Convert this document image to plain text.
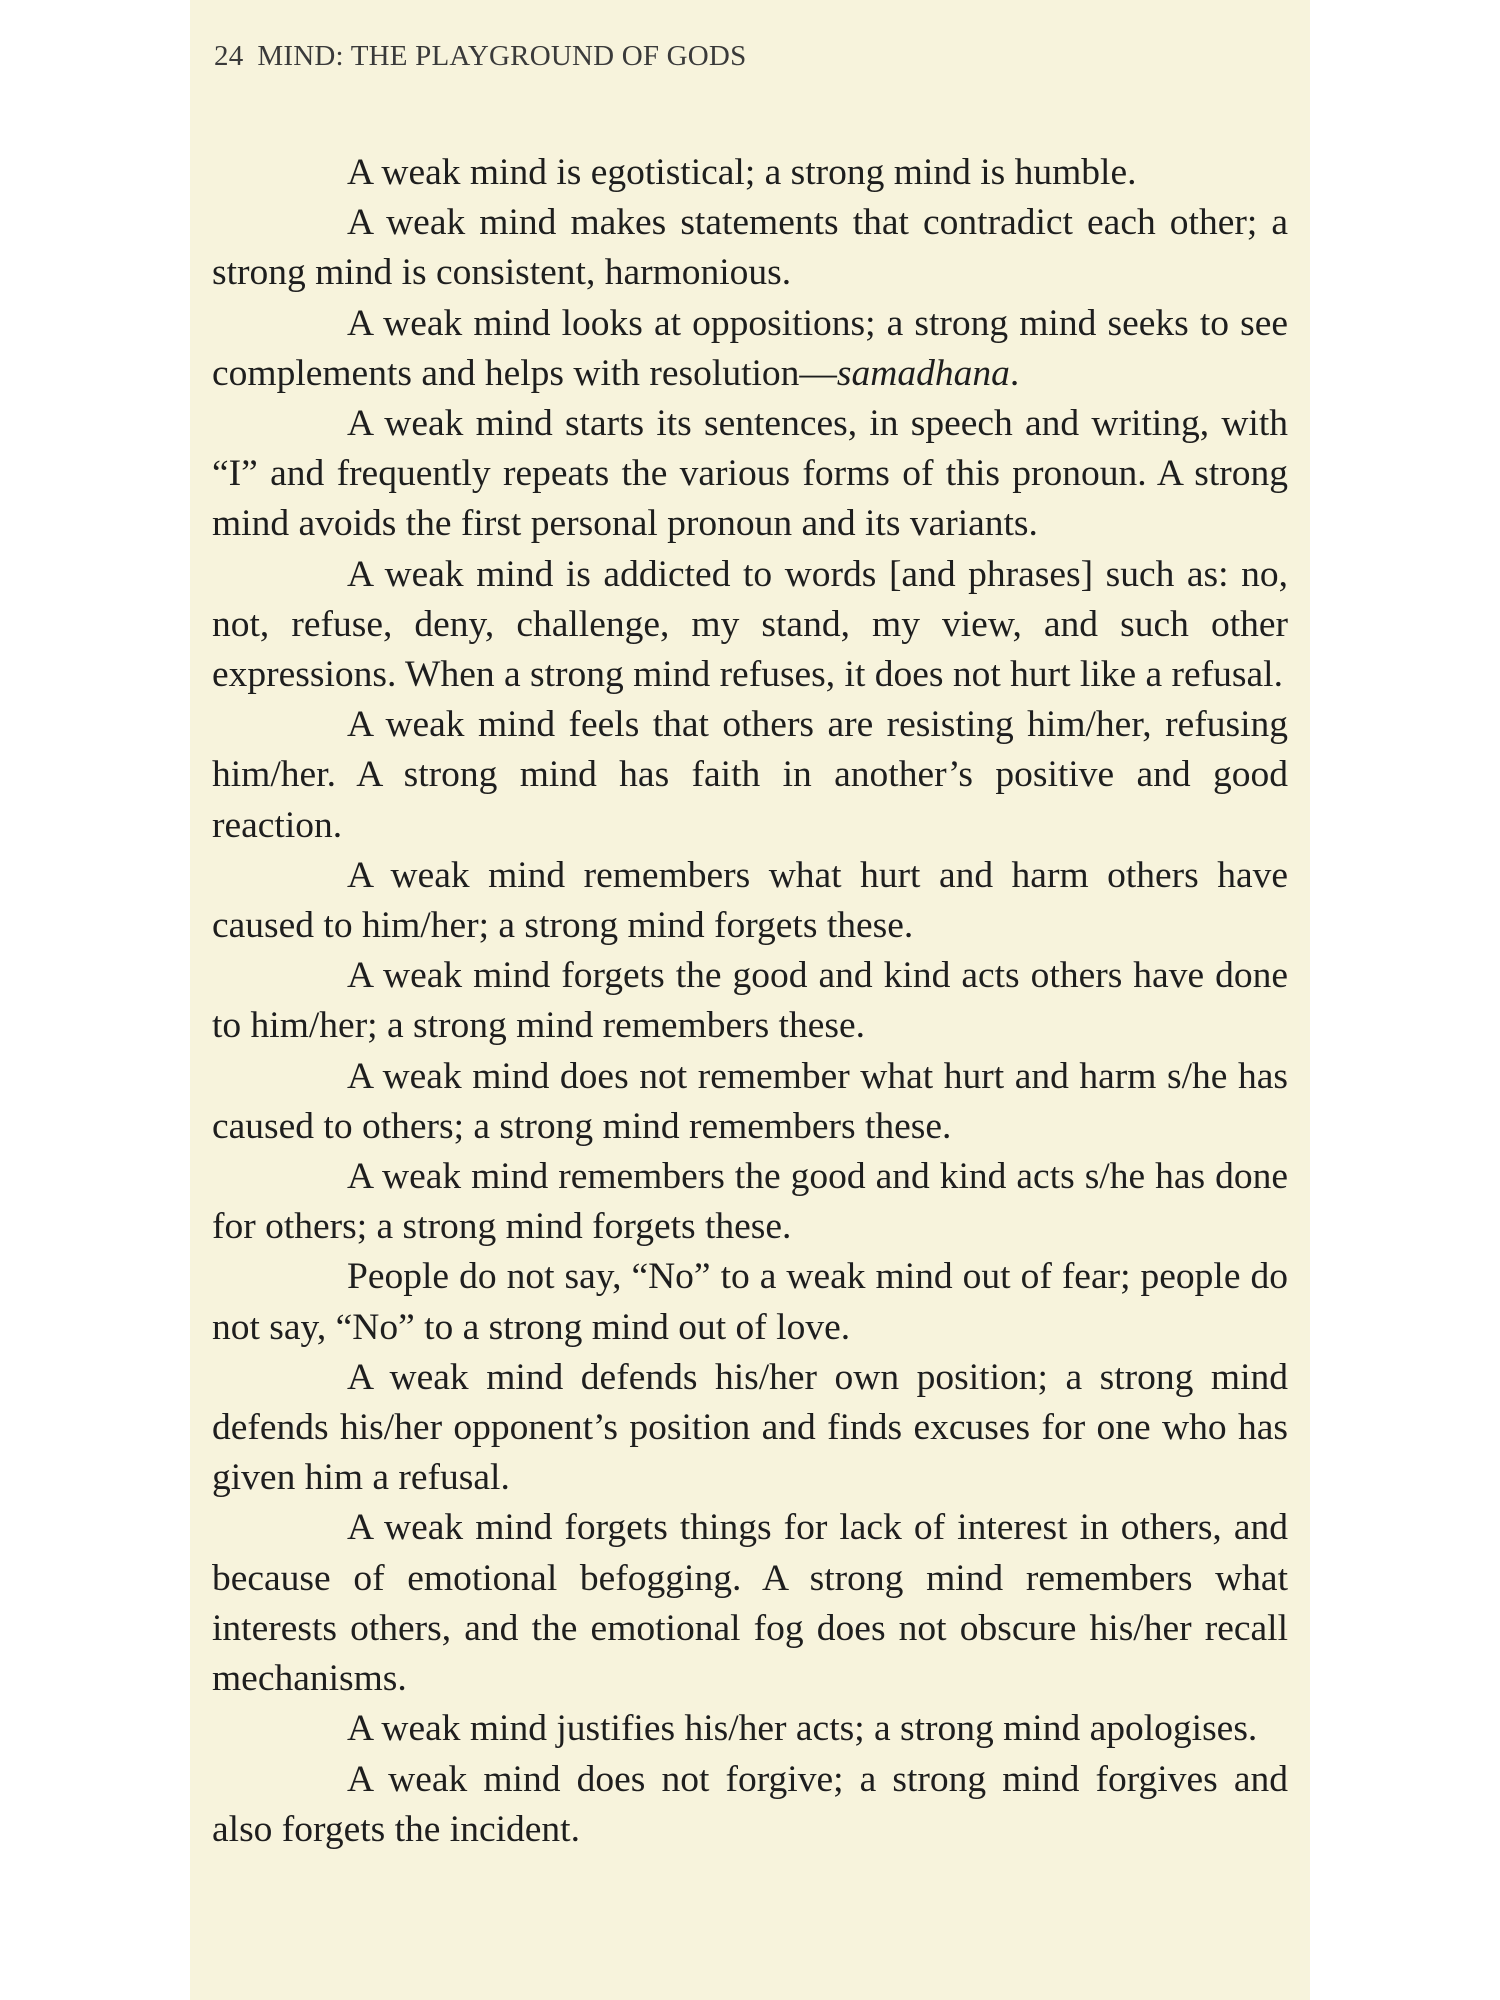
24 MIND: THE PLAYGROUND OF GODS

A weak mind is egotistical; a strong mind is humble.

A weak mind makes statements that contradict each other; a strong mind is consistent, harmonious.

A weak mind looks at oppositions; a strong mind seeks to see complements and helps with resolution—samadhana.

A weak mind starts its sentences, in speech and writing, with “I” and frequently repeats the various forms of this pronoun. A strong mind avoids the first personal pronoun and its variants.

A weak mind is addicted to words [and phrases] such as: no, not, refuse, deny, challenge, my stand, my view, and such other expressions. When a strong mind refuses, it does not hurt like a refusal.

A weak mind feels that others are resisting him/her, refusing him/her. A strong mind has faith in another’s positive and good reaction.

A weak mind remembers what hurt and harm others have caused to him/her; a strong mind forgets these.

A weak mind forgets the good and kind acts others have done to him/her; a strong mind remembers these.

A weak mind does not remember what hurt and harm s/he has caused to others; a strong mind remembers these.

A weak mind remembers the good and kind acts s/he has done for others; a strong mind forgets these.

People do not say, “No” to a weak mind out of fear; people do not say, “No” to a strong mind out of love.

A weak mind defends his/her own position; a strong mind defends his/her opponent’s position and finds excuses for one who has given him a refusal.

A weak mind forgets things for lack of interest in others, and because of emotional befogging. A strong mind remembers what interests others, and the emotional fog does not obscure his/her recall mechanisms.

A weak mind justifies his/her acts; a strong mind apologises.

A weak mind does not forgive; a strong mind forgives and also forgets the incident.
